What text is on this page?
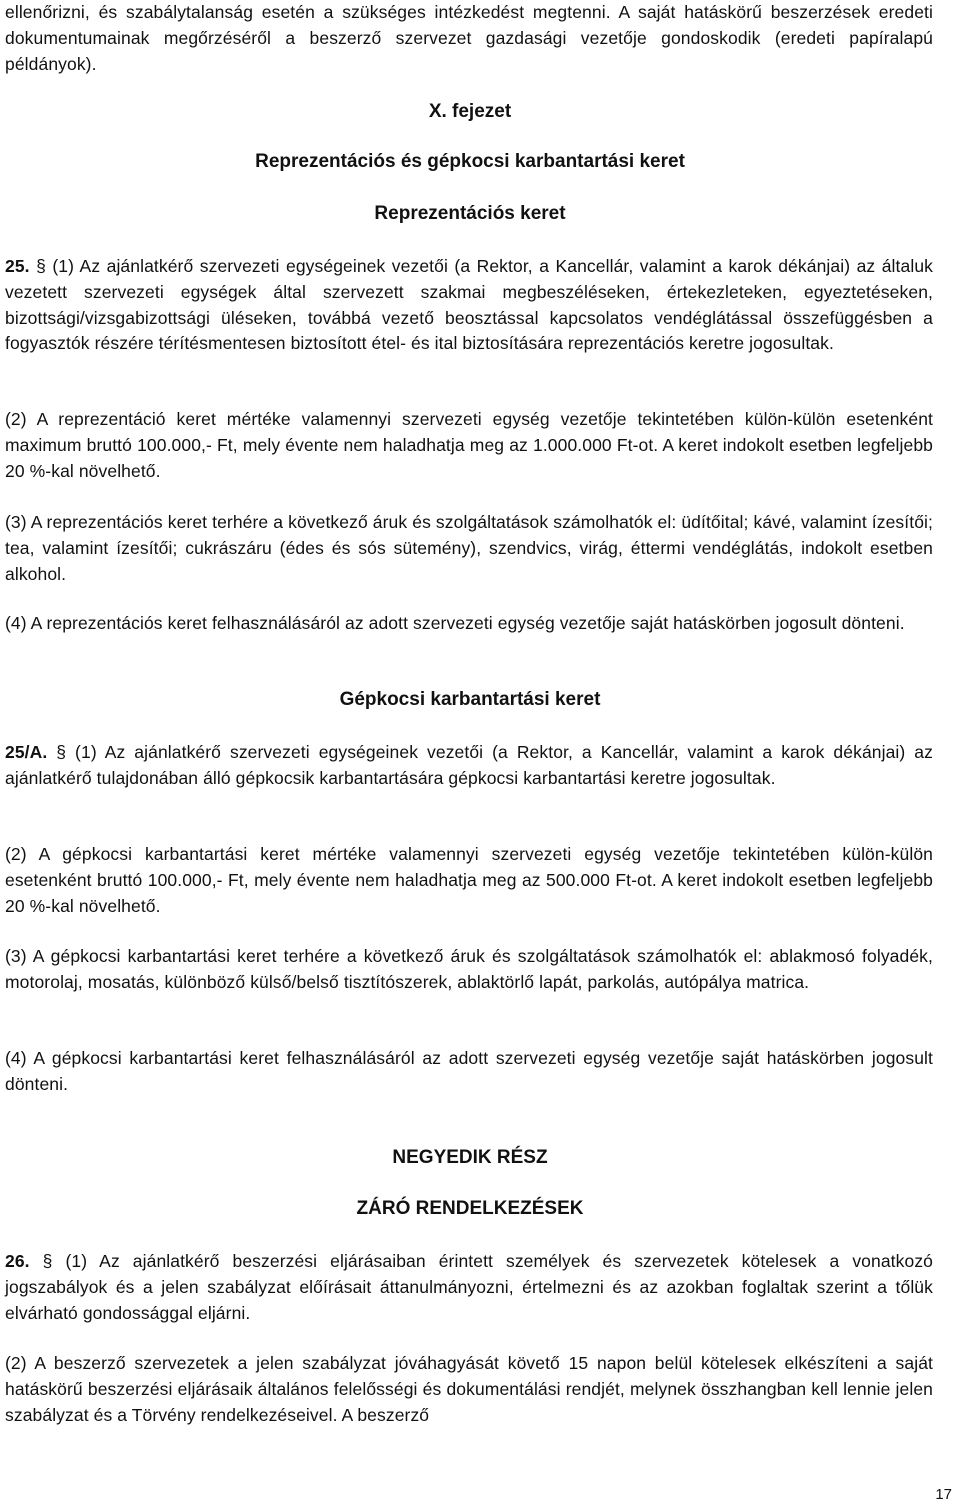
ellenőrizni, és szabálytalanság esetén a szükséges intézkedést megtenni. A saját hatáskörű beszerzések eredeti dokumentumainak megőrzéséről a beszerző szervezet gazdasági vezetője gondoskodik (eredeti papíralapú példányok).

X. fejezet
Reprezentációs és gépkocsi karbantartási keret
Reprezentációs keret

25. § (1) Az ajánlatkérő szervezeti egységeinek vezetői (a Rektor, a Kancellár, valamint a karok dékánjai) az általuk vezetett szervezeti egységek által szervezett szakmai megbeszéléseken, értekezleteken, egyeztetéseken, bizottsági/vizsgabizottsági üléseken, továbbá vezető beosztással kapcsolatos vendéglátással összefüggésben a fogyasztók részére térítésmentesen biztosított étel- és ital biztosítására reprezentációs keretre jogosultak.

(2) A reprezentáció keret mértéke valamennyi szervezeti egység vezetője tekintetében külön-külön esetenként maximum bruttó 100.000,- Ft, mely évente nem haladhatja meg az 1.000.000 Ft-ot. A keret indokolt esetben legfeljebb 20 %-kal növelhető.

(3) A reprezentációs keret terhére a következő áruk és szolgáltatások számolhatók el: üdítőital; kávé, valamint ízesítői; tea, valamint ízesítői; cukrászáru (édes és sós sütemény), szendvics, virág, éttermi vendéglátás, indokolt esetben alkohol.

(4) A reprezentációs keret felhasználásáról az adott szervezeti egység vezetője saját hatáskörben jogosult dönteni.

Gépkocsi karbantartási keret

25/A. § (1) Az ajánlatkérő szervezeti egységeinek vezetői (a Rektor, a Kancellár, valamint a karok dékánjai) az ajánlatkérő tulajdonában álló gépkocsik karbantartására gépkocsi karbantartási keretre jogosultak.

(2) A gépkocsi karbantartási keret mértéke valamennyi szervezeti egység vezetője tekintetében külön-külön esetenként bruttó 100.000,- Ft, mely évente nem haladhatja meg az 500.000 Ft-ot. A keret indokolt esetben legfeljebb 20 %-kal növelhető.

(3) A gépkocsi karbantartási keret terhére a következő áruk és szolgáltatások számolhatók el: ablakmosó folyadék, motorolaj, mosatás, különböző külső/belső tisztítószerek, ablaktörlő lapát, parkolás, autópálya matrica.

(4) A gépkocsi karbantartási keret felhasználásáról az adott szervezeti egység vezetője saját hatáskörben jogosult dönteni.

NEGYEDIK RÉSZ
ZÁRÓ RENDELKEZÉSEK

26. § (1) Az ajánlatkérő beszerzési eljárásaiban érintett személyek és szervezetek kötelesek a vonatkozó jogszabályok és a jelen szabályzat előírásait áttanulmányozni, értelmezni és az azokban foglaltak szerint a tőlük elvárható gondossággal eljárni.

(2) A beszerző szervezetek a jelen szabályzat jóváhagyását követő 15 napon belül kötelesek elkészíteni a saját hatáskörű beszerzési eljárásaik általános felelősségi és dokumentálási rendjét, melynek összhangban kell lennie jelen szabályzat és a Törvény rendelkezéseivel. A beszerző

17
